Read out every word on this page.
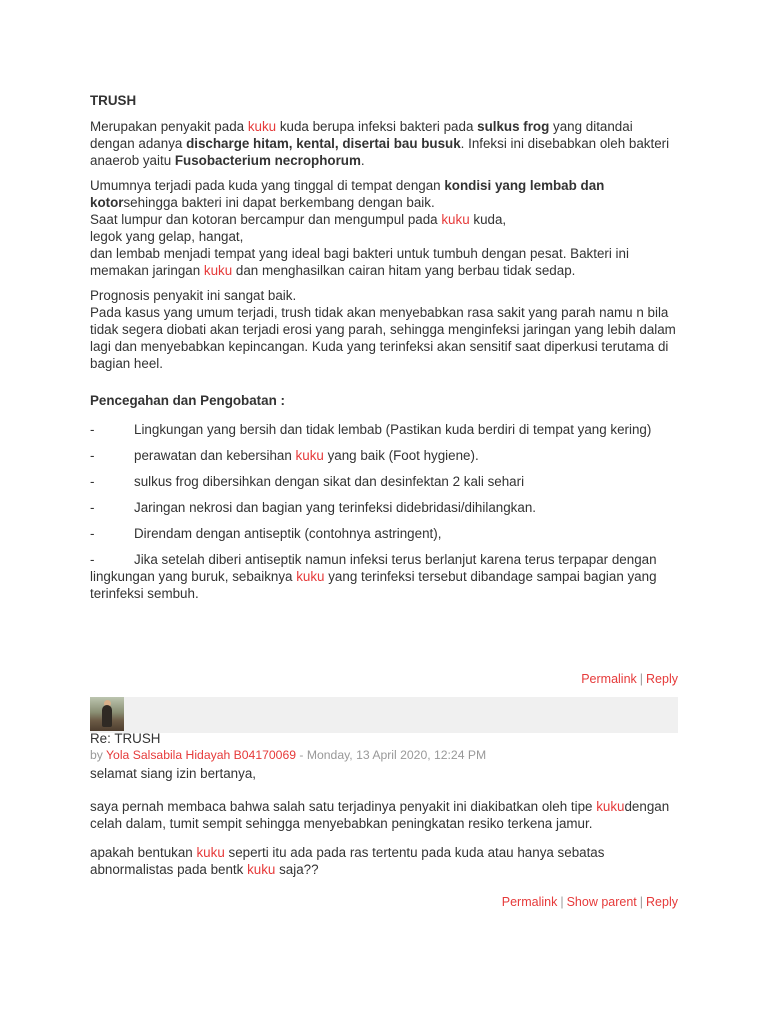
TRUSH

Merupakan penyakit pada kuku kuda berupa infeksi bakteri pada sulkus frog yang ditandai dengan adanya discharge hitam, kental, disertai bau busuk. Infeksi ini disebabkan oleh bakteri anaerob yaitu Fusobacterium necrophorum.

Umumnya terjadi pada kuda yang tinggal di tempat dengan kondisi yang lembab dan kotorsehingga bakteri ini dapat berkembang dengan baik.
Saat lumpur dan kotoran bercampur dan mengumpul pada kuku kuda,
legok yang gelap, hangat,
dan lembab menjadi tempat yang ideal bagi bakteri untuk tumbuh dengan pesat. Bakteri ini memakan jaringan kuku dan menghasilkan cairan hitam yang berbau tidak sedap.

Prognosis penyakit ini sangat baik.
Pada kasus yang umum terjadi, trush tidak akan menyebabkan rasa sakit yang parah namu n bila tidak segera diobati akan terjadi erosi yang parah, sehingga menginfeksi jaringan yang lebih dalam lagi dan menyebabkan kepincangan. Kuda yang terinfeksi akan sensitif saat diperkusi terutama di bagian heel.

Pencegahan dan Pengobatan :

-	Lingkungan yang bersih dan tidak lembab (Pastikan kuda berdiri di tempat yang kering)
-	perawatan dan kebersihan kuku yang baik (Foot hygiene).
-	sulkus frog dibersihkan dengan sikat dan desinfektan 2 kali sehari
-	Jaringan nekrosi dan bagian yang terinfeksi didebridasi/dihilangkan.
-	Direndam dengan antiseptik (contohnya astringent),
-	Jika setelah diberi antiseptik namun infeksi terus berlanjut karena terus terpapar dengan lingkungan yang buruk, sebaiknya kuku yang terinfeksi tersebut dibandage sampai bagian yang terinfeksi sembuh.
Permalink | Reply
Re: TRUSH
by Yola Salsabila Hidayah B04170069 - Monday, 13 April 2020, 12:24 PM

selamat siang izin bertanya,

saya pernah membaca bahwa salah satu terjadinya penyakit ini diakibatkan oleh tipe kukudengan celah dalam, tumit sempit sehingga menyebabkan peningkatan resiko terkena jamur.

apakah bentukan kuku seperti itu ada pada ras tertentu pada kuda atau hanya sebatas abnormalistas pada bentk kuku saja??

Permalink | Show parent | Reply
